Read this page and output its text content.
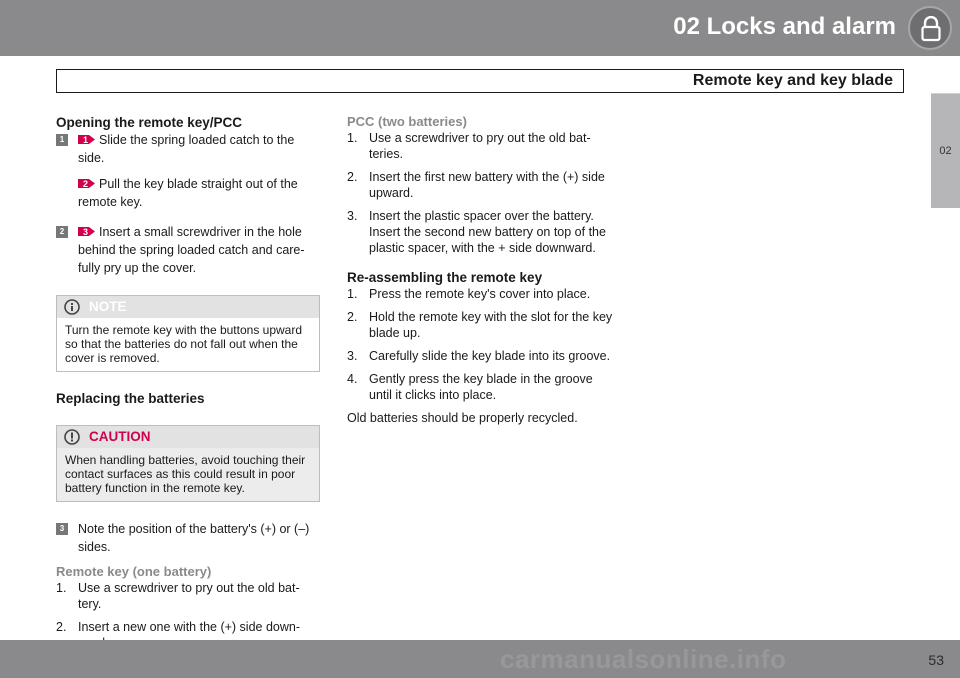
02 Locks and alarm
Remote key and key blade
02
Opening the remote key/PCC
1	1 Slide the spring loaded catch to the side.

2 Pull the key blade straight out of the remote key.

2	3 Insert a small screwdriver in the hole behind the spring loaded catch and care-fully pry up the cover.

NOTE
Turn the remote key with the buttons upward so that the batteries do not fall out when the cover is removed.
Replacing the batteries
CAUTION
When handling batteries, avoid touching their contact surfaces as this could result in poor battery function in the remote key.
3	Note the position of the battery's (+) or (–) sides.

Remote key (one battery)
1. Use a screwdriver to pry out the old bat-tery.
2. Insert a new one with the (+) side down-
PCC (two batteries)
1. Use a screwdriver to pry out the old bat-teries.
2. Insert the first new battery with the (+) side upward.
3. Insert the plastic spacer over the battery. Insert the second new battery on top of the plastic spacer, with the + side downward.
Re-assembling the remote key
1. Press the remote key's cover into place.
2. Hold the remote key with the slot for the key blade up.
3. Carefully slide the key blade into its groove.
4. Gently press the key blade in the groove until it clicks into place.

Old batteries should be properly recycled.

53
carmanualsonline.info
